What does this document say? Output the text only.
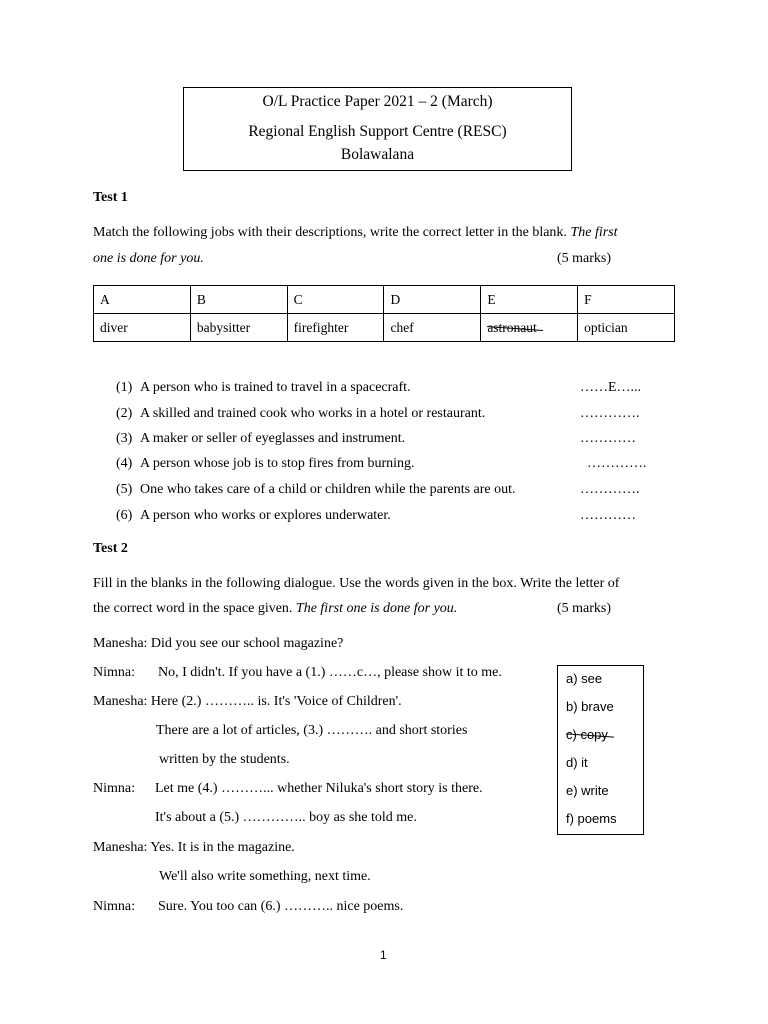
O/L Practice Paper 2021 – 2 (March)
Regional English Support Centre (RESC)
Bolawalana
Test 1
Match the following jobs with their descriptions, write the correct letter in the blank. The first
one is done for you.	(5 marks)
A	B	C	D	E	F
diver	babysitter	firefighter	chef	astronaut	optician
(1) A person who is trained to travel in a spacecraft.	……E…...
(2) A skilled and trained cook who works in a hotel or restaurant.	………….
(3) A maker or seller of eyeglasses and instrument.	…………
(4) A person whose job is to stop fires from burning.	………….
(5) One who takes care of a child or children while the parents are out.	………….
(6) A person who works or explores underwater.	…………
Test 2
Fill in the blanks in the following dialogue. Use the words given in the box. Write the letter of
the correct word in the space given. The first one is done for you.	(5 marks)
Manesha: Did you see our school magazine?
Nimna: No, I didn't. If you have a (1.) ……c…, please show it to me.
Manesha: Here (2.) ……….. is. It's 'Voice of Children'.
There are a lot of articles, (3.) ………. and short stories
written by the students.
Nimna: Let me (4.) ………... whether Niluka's short story is there.
It's about a (5.) ………….. boy as she told me.
Manesha: Yes. It is in the magazine.
We'll also write something, next time.
Nimna: Sure. You too can (6.) ……….. nice poems.
a) see
b) brave
c) copy
d) it
e) write
f) poems
1
